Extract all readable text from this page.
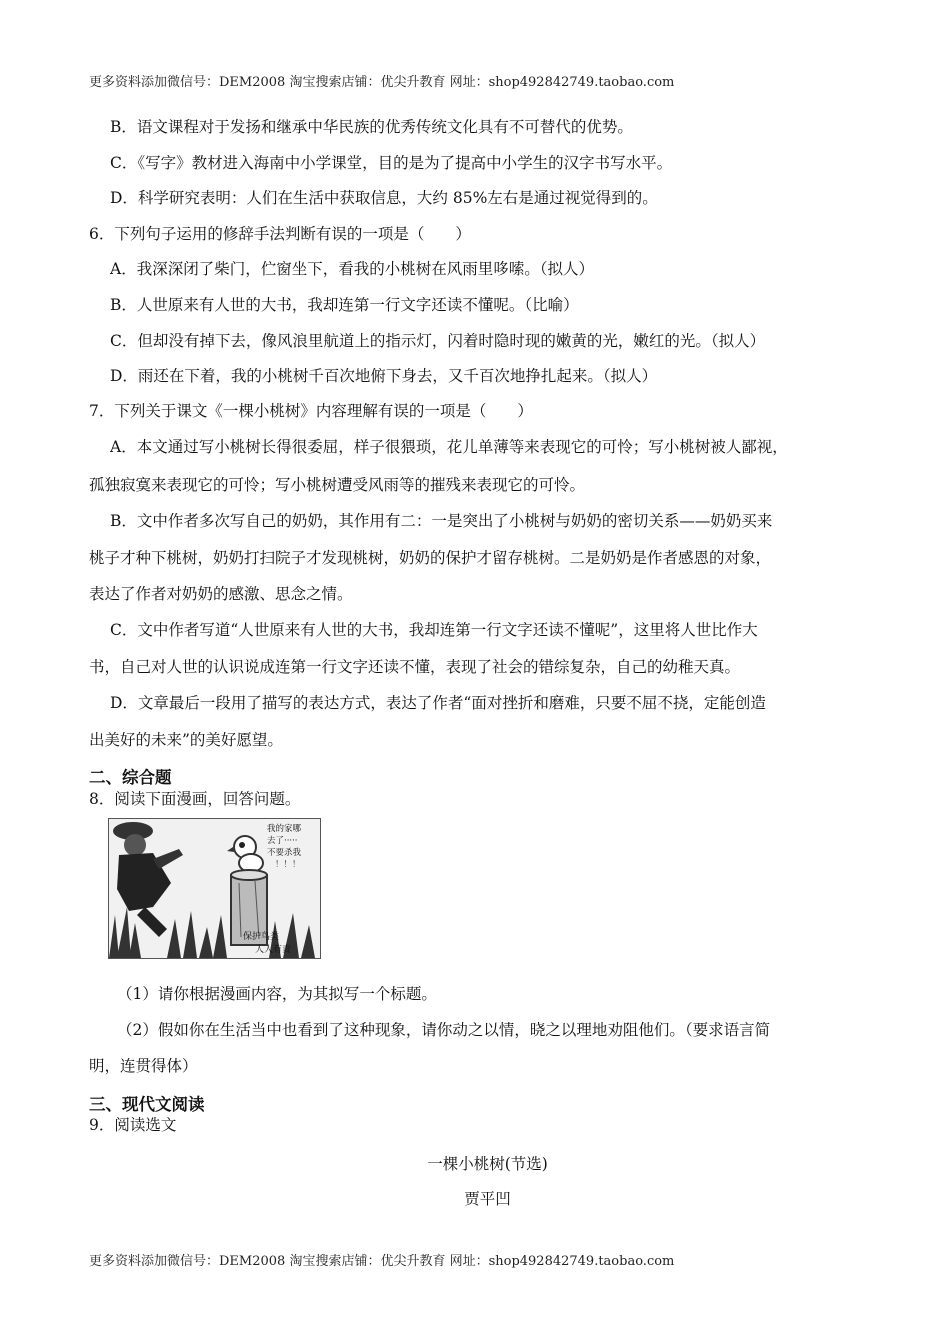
更多资料添加微信号：DEM2008 淘宝搜索店铺：优尖升教育 网址：shop492842749.taobao.com
B．语文课程对于发扬和继承中华民族的优秀传统文化具有不可替代的优势。
C．《写字》教材进入海南中小学课堂，目的是为了提高中小学生的汉字书写水平。
D．科学研究表明：人们在生活中获取信息，大约 85%左右是通过视觉得到的。
6．下列句子运用的修辞手法判断有误的一项是（　　）
A．我深深闭了柴门，伫窗坐下，看我的小桃树在风雨里哆嗦。（拟人）
B．人世原来有人世的大书，我却连第一行文字还读不懂呢。（比喻）
C．但却没有掉下去，像风浪里航道上的指示灯，闪着时隐时现的嫩黄的光，嫩红的光。（拟人）
D．雨还在下着，我的小桃树千百次地俯下身去，又千百次地挣扎起来。（拟人）
7．下列关于课文《一棵小桃树》内容理解有误的一项是（　　）
A．本文通过写小桃树长得很委屈，样子很猥琐，花儿单薄等来表现它的可怜；写小桃树被人鄙视，
孤独寂寞来表现它的可怜；写小桃树遭受风雨等的摧残来表现它的可怜。
B．文中作者多次写自己的奶奶，其作用有二：一是突出了小桃树与奶奶的密切关系——奶奶买来
桃子才种下桃树，奶奶打扫院子才发现桃树，奶奶的保护才留存桃树。二是奶奶是作者感恩的对象，
表达了作者对奶奶的感激、思念之情。
C．文中作者写道“人世原来有人世的大书，我却连第一行文字还读不懂呢”，这里将人世比作大
书，自己对人世的认识说成连第一行文字还读不懂，表现了社会的错综复杂，自己的幼稚天真。
D．文章最后一段用了描写的表达方式，表达了作者“面对挫折和磨难，只要不屈不挠，定能创造
出美好的未来”的美好愿望。
二、综合题
8．阅读下面漫画，回答问题。
我的家哪
去了·····
不要杀我
！！！
保护鸟类
人人有责
（1）请你根据漫画内容，为其拟写一个标题。
（2）假如你在生活当中也看到了这种现象，请你动之以情，晓之以理地劝阻他们。（要求语言简
明，连贯得体）
三、现代文阅读
9．阅读选文
一棵小桃树(节选)
贾平凹
更多资料添加微信号：DEM2008 淘宝搜索店铺：优尖升教育 网址：shop492842749.taobao.com
